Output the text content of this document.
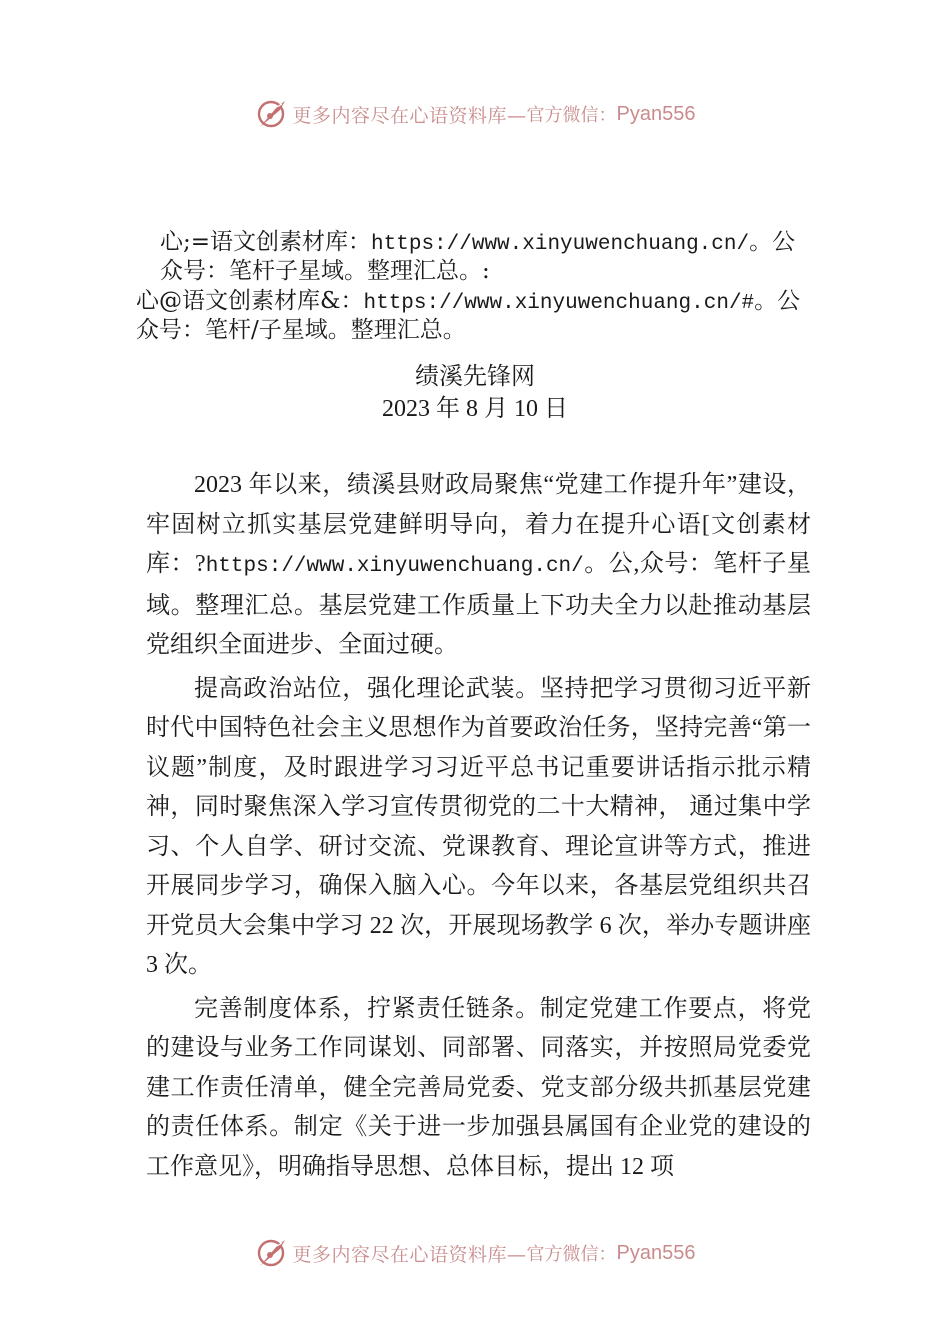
更多内容尽在心语资料库— 官方微信： Pyan556
心;=语文创素材库：https://www.xinyuwenchuang.cn/。公
众号：笔杆子星域。整理汇总。:
心@语文创素材库&：https://www.xinyuwenchuang.cn/#。公
众号：笔杆/子星域。整理汇总。
绩溪先锋网
2023 年 8 月 10 日

2023 年以来，绩溪县财政局聚焦“党建工作提升年”建设，牢固树立抓实基层党建鲜明导向，着力在提升心语[文创素材库：?https://www.xinyuwenchuang.cn/。公,众号：笔杆子星域。整理汇总。基层党建工作质量上下功夫全力以赴推动基层党组织全面进步、全面过硬。

提高政治站位，强化理论武装。坚持把学习贯彻习近平新时代中国特色社会主义思想作为首要政治任务，坚持完善“第一议题”制度，及时跟进学习习近平总书记重要讲话指示批示精神，同时聚焦深入学习宣传贯彻党的二十大精神， 通过集中学习、个人自学、研讨交流、党课教育、理论宣讲等方式，推进开展同步学习，确保入脑入心。今年以来，各基层党组织共召开党员大会集中学习 22 次，开展现场教学 6 次，举办专题讲座 3 次。

完善制度体系，拧紧责任链条。制定党建工作要点，将党的建设与业务工作同谋划、同部署、同落实，并按照局党委党建工作责任清单，健全完善局党委、党支部分级共抓基层党建的责任体系。制定《关于进一步加强县属国有企业党的建设的工作意见》，明确指导思想、总体目标，提出 12 项

更多内容尽在心语资料库— 官方微信： Pyan556
